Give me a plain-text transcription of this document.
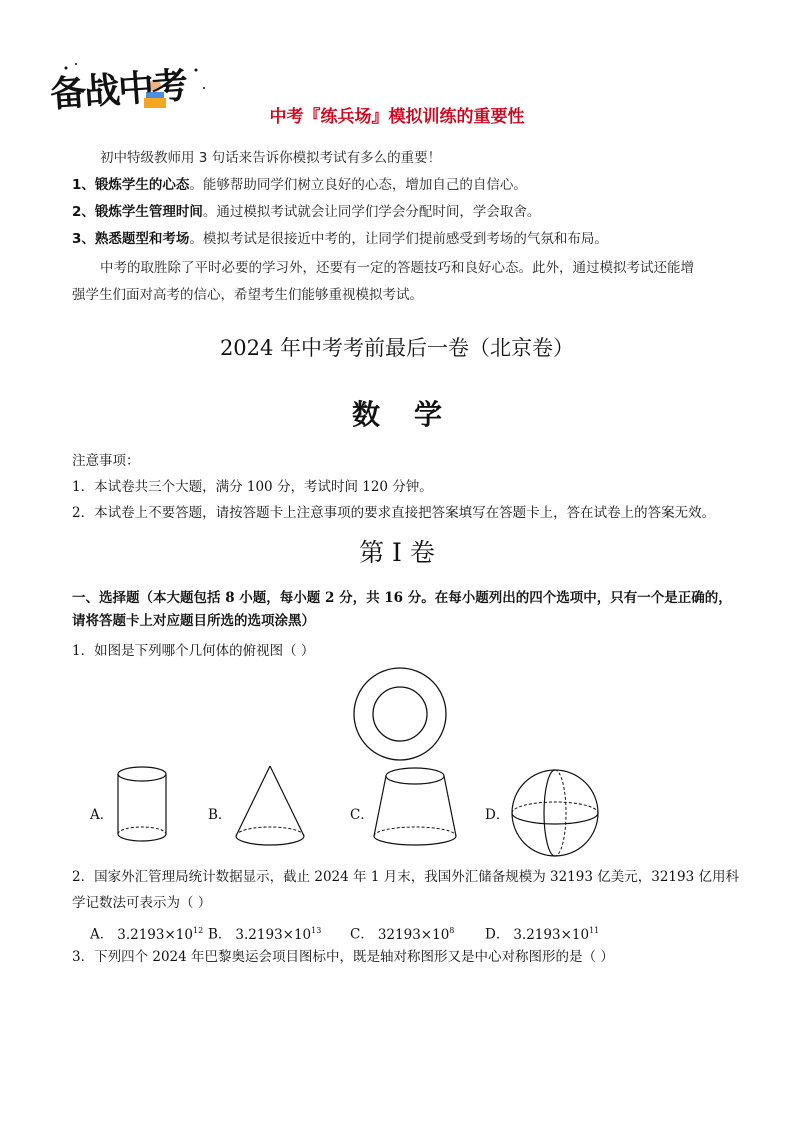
备战中考
中考『练兵场』模拟训练的重要性
初中特级教师用 3 句话来告诉你模拟考试有多么的重要！
1、锻炼学生的心态。能够帮助同学们树立良好的心态，增加自己的自信心。
2、锻炼学生管理时间。通过模拟考试就会让同学们学会分配时间，学会取舍。
3、熟悉题型和考场。模拟考试是很接近中考的，让同学们提前感受到考场的气氛和布局。
中考的取胜除了平时必要的学习外，还要有一定的答题技巧和良好心态。此外，通过模拟考试还能增
强学生们面对高考的信心，希望考生们能够重视模拟考试。
2024 年中考考前最后一卷（北京卷）
数学
注意事项：
1．本试卷共三个大题，满分 100 分，考试时间 120 分钟。
2．本试卷上不要答题，请按答题卡上注意事项的要求直接把答案填写在答题卡上，答在试卷上的答案无效。
第 I 卷
一、选择题（本大题包括 8 小题，每小题 2 分，共 16 分。在每小题列出的四个选项中，只有一个是正确的，
请将答题卡上对应题目所选的选项涂黑）
1．如图是下列哪个几何体的俯视图（ ）
A．	B．	C．	D．
2．国家外汇管理局统计数据显示，截止 2024 年 1 月末，我国外汇储备规模为 32193 亿美元，32193 亿用科
学记数法可表示为（ ）
A． $3.2193\times 10^{12}$ B． $3.2193\times 10^{13}$ C． $32193\times 10^8$ D． $3.2193\times 10^{11}$
3．下列四个 2024 年巴黎奥运会项目图标中，既是轴对称图形又是中心对称图形的是（ ）
